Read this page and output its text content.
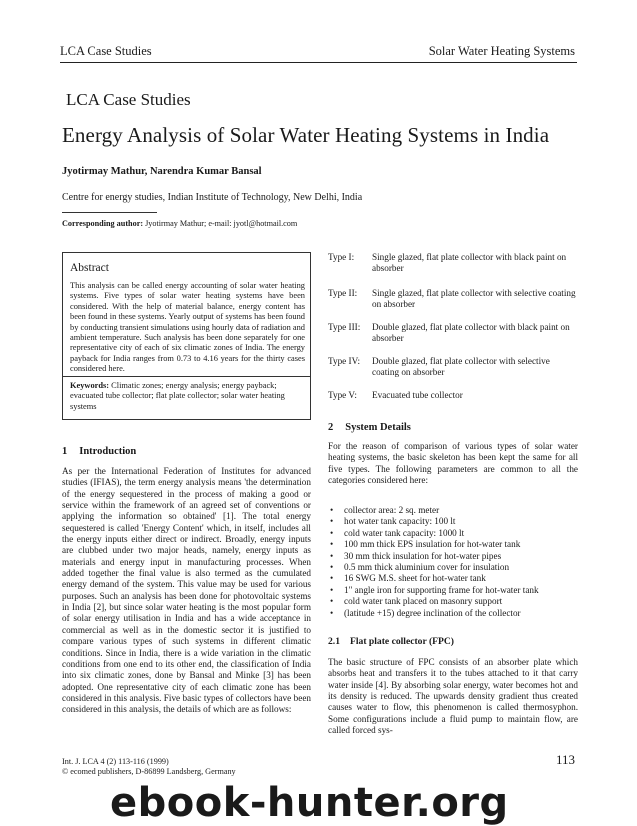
LCA Case Studies	Solar Water Heating Systems
LCA Case Studies
Energy Analysis of Solar Water Heating Systems in India
Jyotirmay Mathur, Narendra Kumar Bansal
Centre for energy studies, Indian Institute of Technology, New Delhi, India
Corresponding author: Jyotirmay Mathur; e-mail: jyotl@hotmail.com
Abstract
This analysis can be called energy accounting of solar water heating systems. Five types of solar water heating systems have been considered. With the help of material balance, energy content has been found in these systems. Yearly output of systems has been found by conducting transient simulations using hourly data of radiation and ambient temperature. Such analysis has been done separately for one representative city of each of six climatic zones of India. The energy payback for India ranges from 0.73 to 4.16 years for the thirty cases considered here.
Keywords: Climatic zones; energy analysis; energy payback; evacuated tube collector; flat plate collector; solar water heating systems
1 Introduction
As per the International Federation of Institutes for advanced studies (IFIAS), the term energy analysis means 'the determination of the energy sequestered in the process of making a good or service within the framework of an agreed set of conventions or applying the information so obtained' [1]. The total energy sequestered is called 'Energy Content' which, in itself, includes all the energy inputs either direct or indirect. Broadly, energy inputs are clubbed under two major heads, namely, energy inputs as materials and energy input in manufacturing processes. When added together the final value is also termed as the cumulated energy demand of the system. This value may be used for various purposes. Such an analysis has been done for photovoltaic systems in India [2], but since solar water heating is the most popular form of solar energy utilisation in India and has a wide acceptance in commercial as well as in the domestic sector it is justified to compare various types of such systems in different climatic conditions. Since in India, there is a wide variation in the climatic conditions from one end to its other end, the classification of India into six climatic zones, done by Bansal and Minke [3] has been adopted. One representative city of each climatic zone has been considered in this analysis. Five basic types of collectors have been considered in this analysis, the details of which are as follows:
Type I:	Single glazed, flat plate collector with black paint on absorber
Type II:	Single glazed, flat plate collector with selective coating on absorber
Type III:	Double glazed, flat plate collector with black paint on absorber
Type IV:	Double glazed, flat plate collector with selective coating on absorber
Type V:	Evacuated tube collector
2 System Details
For the reason of comparison of various types of solar water heating systems, the basic skeleton has been kept the same for all five types. The following parameters are common to all the categories considered here:
• collector area: 2 sq. meter
• hot water tank capacity: 100 lt
• cold water tank capacity: 1000 lt
• 100 mm thick EPS insulation for hot-water tank
• 30 mm thick insulation for hot-water pipes
• 0.5 mm thick aluminium cover for insulation
• 16 SWG M.S. sheet for hot-water tank
• 1" angle iron for supporting frame for hot-water tank
• cold water tank placed on masonry support
• (latitude +15) degree inclination of the collector
2.1 Flat plate collector (FPC)
The basic structure of FPC consists of an absorber plate which absorbs heat and transfers it to the tubes attached to it that carry water inside [4]. By absorbing solar energy, water becomes hot and its density is reduced. The upwards density gradient thus created causes water to flow, this phenomenon is called thermosyphon. Some configurations include a fluid pump to maintain flow, are called forced sys-
Int. J. LCA 4 (2) 113-116 (1999)
© ecomed publishers, D-86899 Landsberg, Germany
113
ebook-hunter.org
